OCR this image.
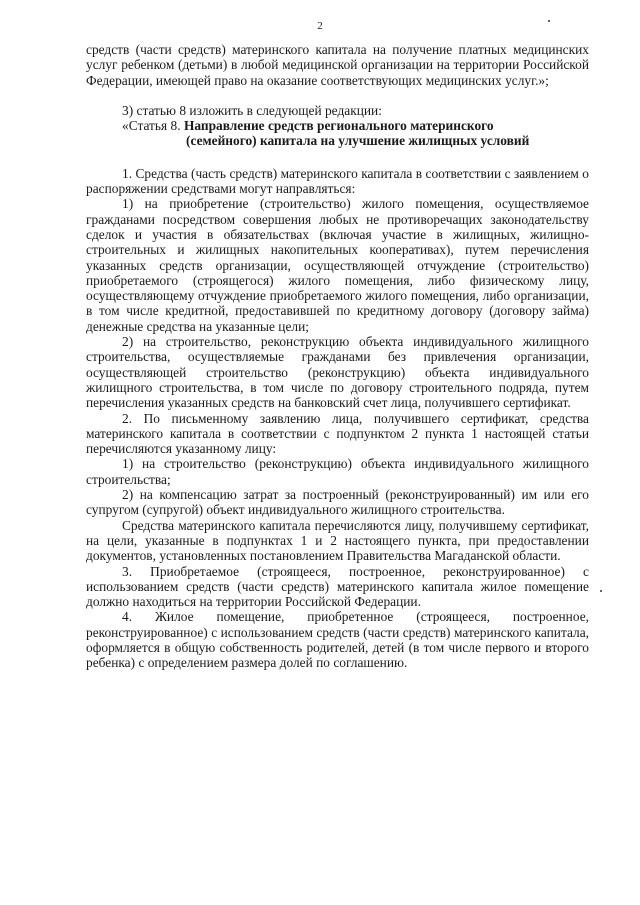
2

средств (части средств) материнского капитала на получение платных медицинских услуг ребенком (детьми) в любой медицинской организации на территории Российской Федерации, имеющей право на оказание соответствующих медицинских услуг.»;

3) статью 8 изложить в следующей редакции:

«Статья 8. Направление средств регионального материнского

(семейного) капитала на улучшение жилищных условий

1. Средства (часть средств) материнского капитала в соответствии с заявлением о распоряжении средствами могут направляться:

1) на приобретение (строительство) жилого помещения, осуществляемое гражданами посредством совершения любых не противоречащих законодательству сделок и участия в обязательствах (включая участие в жилищных, жилищно-строительных и жилищных накопительных кооперативах), путем перечисления указанных средств организации, осуществляющей отчуждение (строительство) приобретаемого (строящегося) жилого помещения, либо физическому лицу, осуществляющему отчуждение приобретаемого жилого помещения, либо организации, в том числе кредитной, предоставившей по кредитному договору (договору займа) денежные средства на указанные цели;

2) на строительство, реконструкцию объекта индивидуального жилищного строительства, осуществляемые гражданами без привлечения организации, осуществляющей строительство (реконструкцию) объекта индивидуального жилищного строительства, в том числе по договору строительного подряда, путем перечисления указанных средств на банковский счет лица, получившего сертификат.

2. По письменному заявлению лица, получившего сертификат, средства материнского капитала в соответствии с подпунктом 2 пункта 1 настоящей статьи перечисляются указанному лицу:

1) на строительство (реконструкцию) объекта индивидуального жилищного строительства;

2) на компенсацию затрат за построенный (реконструированный) им или его супругом (супругой) объект индивидуального жилищного строительства.

Средства материнского капитала перечисляются лицу, получившему сертификат, на цели, указанные в подпунктах 1 и 2 настоящего пункта, при предоставлении документов, установленных постановлением Правительства Магаданской области.

3. Приобретаемое (строящееся, построенное, реконструированное) с использованием средств (части средств) материнского капитала жилое помещение должно находиться на территории Российской Федерации.

4. Жилое помещение, приобретенное (строящееся, построенное, реконструированное) с использованием средств (части средств) материнского капитала, оформляется в общую собственность родителей, детей (в том числе первого и второго ребенка) с определением размера долей по соглашению.
